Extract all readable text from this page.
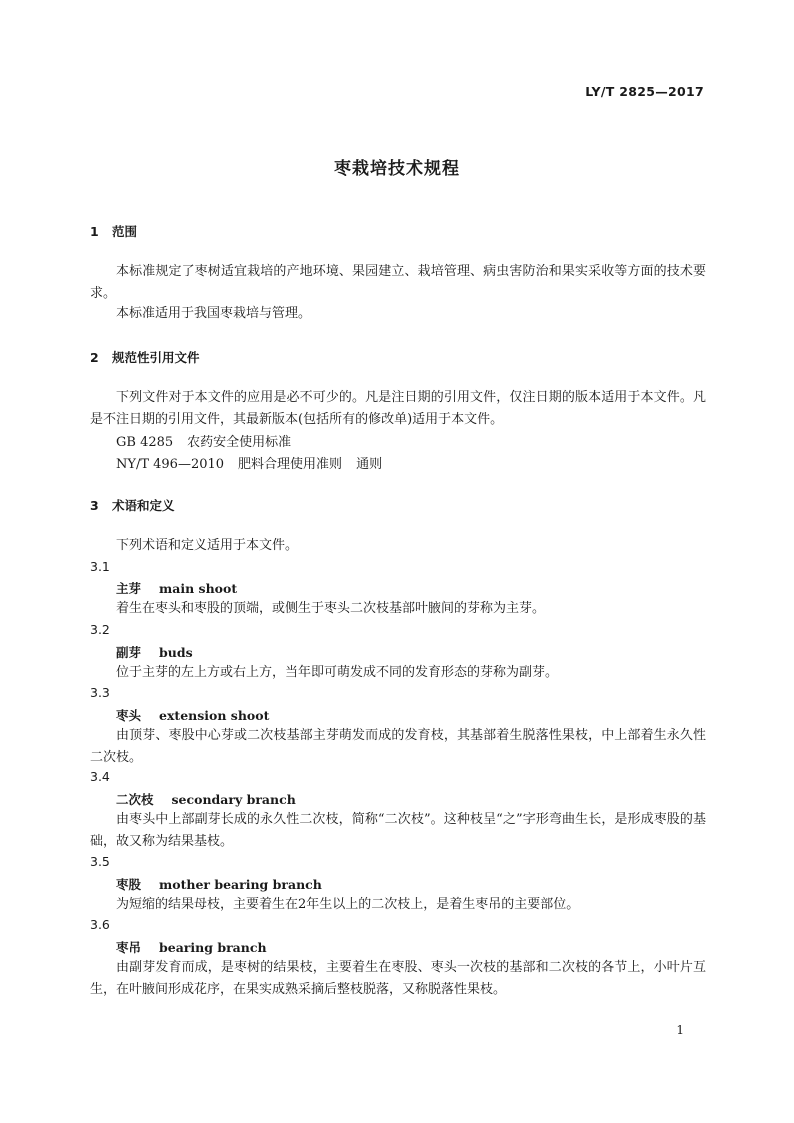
LY/T 2825—2017
枣栽培技术规程
1 范围
本标准规定了枣树适宜栽培的产地环境、果园建立、栽培管理、病虫害防治和果实采收等方面的技术要求。
本标准适用于我国枣栽培与管理。
2 规范性引用文件
下列文件对于本文件的应用是必不可少的。凡是注日期的引用文件，仅注日期的版本适用于本文件。凡是不注日期的引用文件，其最新版本(包括所有的修改单)适用于本文件。
GB 4285 农药安全使用标准
NY/T 496—2010 肥料合理使用准则 通则
3 术语和定义
下列术语和定义适用于本文件。
3.1
主芽 main shoot
着生在枣头和枣股的顶端，或侧生于枣头二次枝基部叶腋间的芽称为主芽。
3.2
副芽 buds
位于主芽的左上方或右上方，当年即可萌发成不同的发育形态的芽称为副芽。
3.3
枣头 extension shoot
由顶芽、枣股中心芽或二次枝基部主芽萌发而成的发育枝，其基部着生脱落性果枝，中上部着生永久性二次枝。
3.4
二次枝 secondary branch
由枣头中上部副芽长成的永久性二次枝，简称“二次枝”。这种枝呈“之”字形弯曲生长，是形成枣股的基础，故又称为结果基枝。
3.5
枣股 mother bearing branch
为短缩的结果母枝，主要着生在2年生以上的二次枝上，是着生枣吊的主要部位。
3.6
枣吊 bearing branch
由副芽发育而成，是枣树的结果枝，主要着生在枣股、枣头一次枝的基部和二次枝的各节上，小叶片互生，在叶腋间形成花序，在果实成熟采摘后整枝脱落，又称脱落性果枝。
1
